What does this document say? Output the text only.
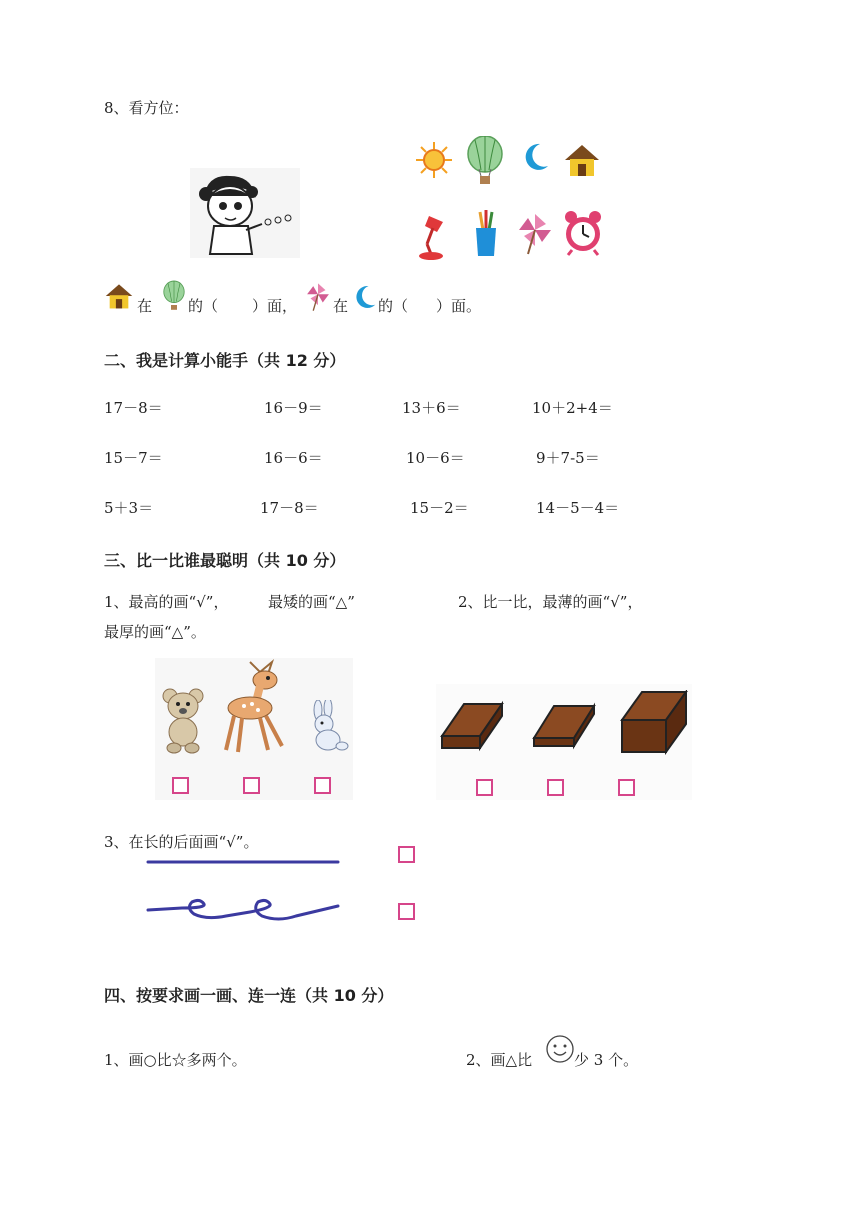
8、看方位：
在 的（ ）面， 在 的（ ）面。
二、我是计算小能手（共 12 分）
17－8＝	16－9＝	13＋6＝	10＋2+4＝
15－7＝	16－6＝	10－6＝	9＋7-5＝
5＋3＝	17－8＝	15－2＝	14－5－4＝
三、比一比谁最聪明（共 10 分）
1、最高的画“√”，	最矮的画“△”	2、比一比，最薄的画“√”，
最厚的画“△”。
3、在长的后面画“√”。
四、按要求画一画、连一连（共 10 分）
1、画○比☆多两个。	2、画△比	少 3 个。
